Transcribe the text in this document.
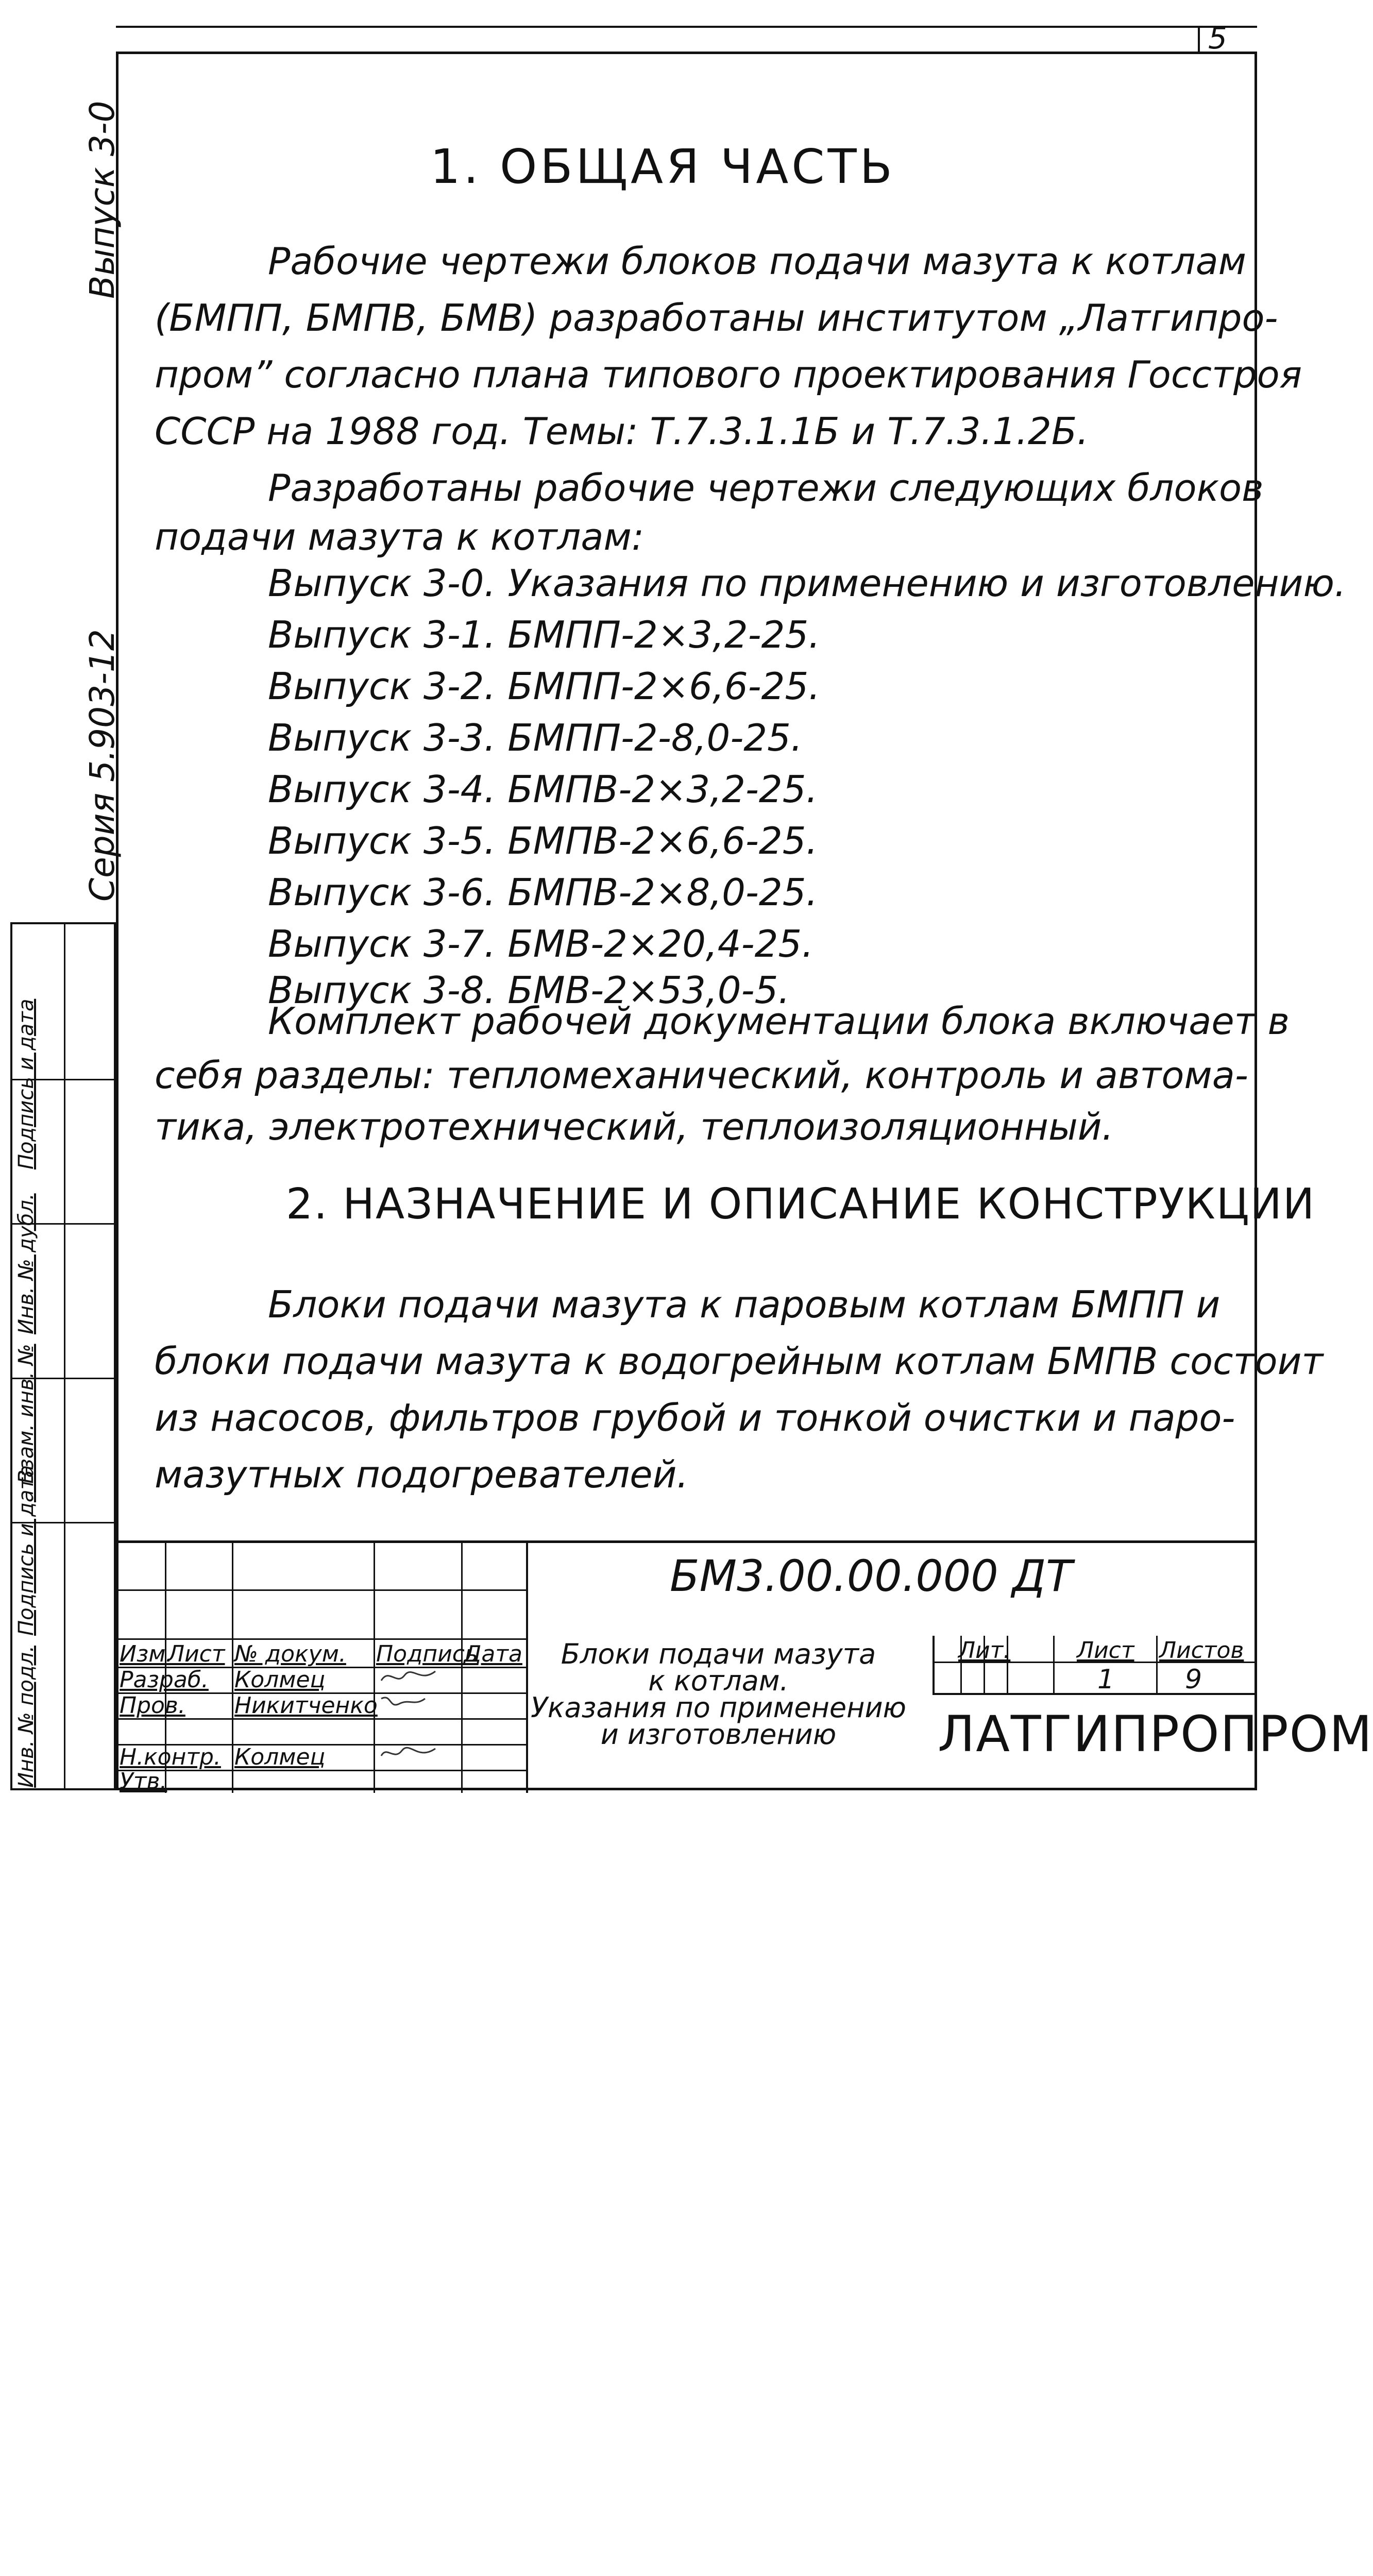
5
Выпуск 3-0
Серия 5.903-12
Инв. № подл.
Подпись и дата
Взам. инв. №
Инв. № дубл.
Подпись и дата
1. ОБЩАЯ ЧАСТЬ
Рабочие чертежи блоков подачи мазута к котлам
(БМПП, БМПВ, БМВ) разработаны институтом „Латгипро-
пром” согласно плана типового проектирования Госстроя
СССР на 1988 год. Темы: Т.7.3.1.1Б и Т.7.3.1.2Б.
Разработаны рабочие чертежи следующих блоков
подачи мазута к котлам:
Выпуск 3-0. Указания по применению и изготовлению.
Выпуск 3-1. БМПП-2×3,2-25.
Выпуск 3-2. БМПП-2×6,6-25.
Выпуск 3-3. БМПП-2-8,0-25.
Выпуск 3-4. БМПВ-2×3,2-25.
Выпуск 3-5. БМПВ-2×6,6-25.
Выпуск 3-6. БМПВ-2×8,0-25.
Выпуск 3-7. БМВ-2×20,4-25.
Выпуск 3-8. БМВ-2×53,0-5.
2. НАЗНАЧЕНИЕ И ОПИСАНИЕ КОНСТРУКЦИИ
Блоки подачи мазута к паровым котлам БМПП и
блоки подачи мазута к водогрейным котлам БМПВ состоит
из насосов, фильтров грубой и тонкой очистки и паро-
мазутных подогревателей.
Изм.
Лист № докум. Подпись
Дата
Разраб. Колмец
Пров. Никитченко
Н.контр. Колмец
Утв.
БМ3.00.00.000 ДТ
Блоки подачи мазута
к котлам.
Указания по применению
и изготовлению
Лит.	Лист Листов
1	9
ЛАТГИПРОПРОМ
Комплект рабочей документации блока включает в
себя разделы: тепломеханический, контроль и автома-
тика, электротехнический, теплоизоляционный.
